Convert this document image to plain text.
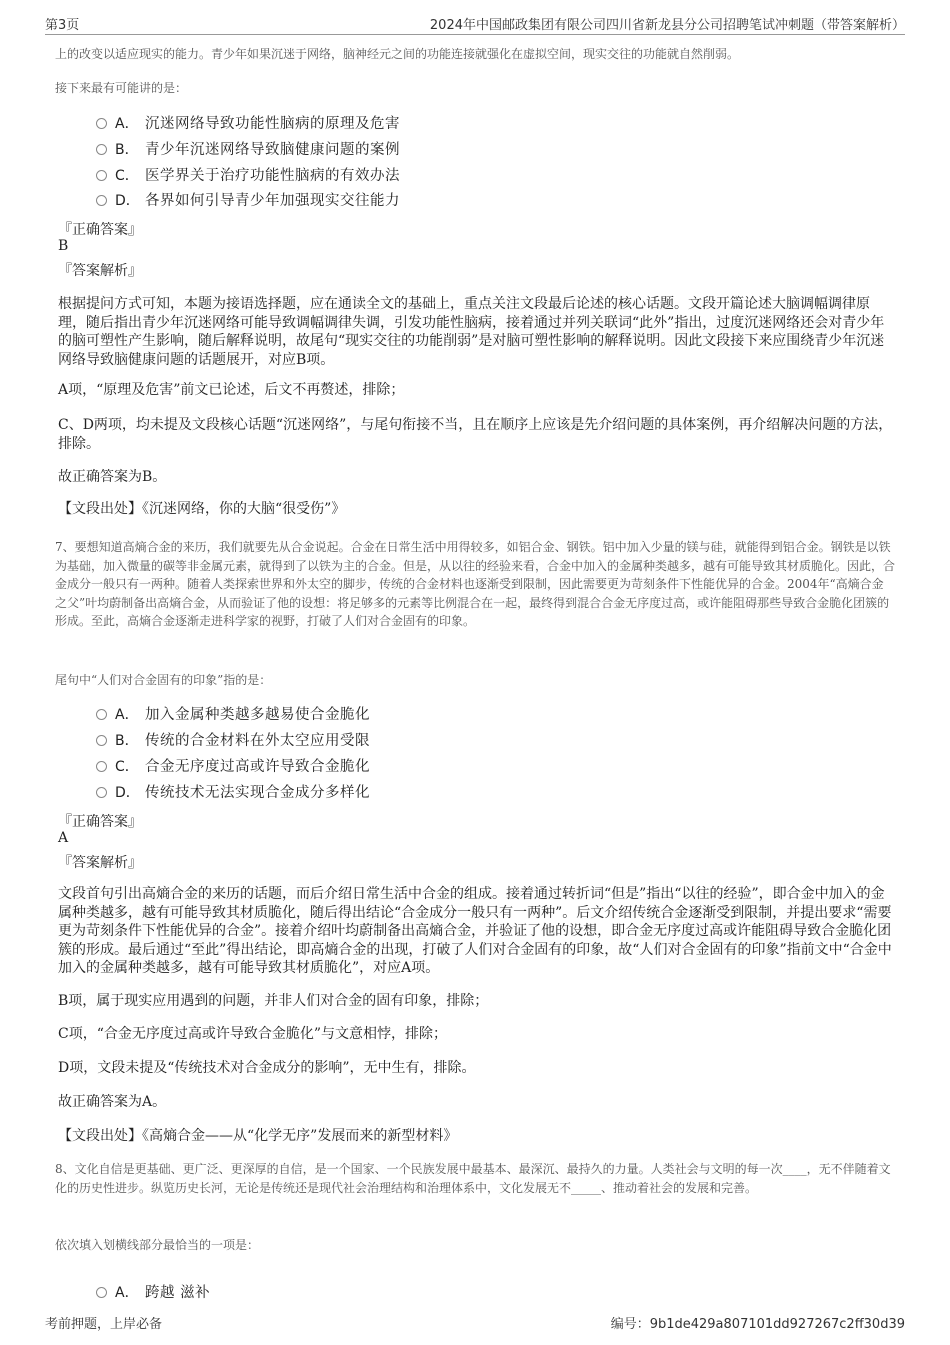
第3页	2024年中国邮政集团有限公司四川省新龙县分公司招聘笔试冲刺题（带答案解析）
上的改变以适应现实的能力。青少年如果沉迷于网络，脑神经元之间的功能连接就强化在虚拟空间，现实交往的功能就自然削弱。
接下来最有可能讲的是：
A． 沉迷网络导致功能性脑病的原理及危害
B． 青少年沉迷网络导致脑健康问题的案例
C． 医学界关于治疗功能性脑病的有效办法
D． 各界如何引导青少年加强现实交往能力
『正确答案』
B
『答案解析』
根据提问方式可知，本题为接语选择题，应在通读全文的基础上，重点关注文段最后论述的核心话题。文段开篇论述大脑调幅调律原理，随后指出青少年沉迷网络可能导致调幅调律失调，引发功能性脑病，接着通过并列关联词“此外”指出，过度沉迷网络还会对青少年的脑可塑性产生影响，随后解释说明，故尾句“现实交往的功能削弱”是对脑可塑性影响的解释说明。因此文段接下来应围绕青少年沉迷网络导致脑健康问题的话题展开，对应B项。
A项，“原理及危害”前文已论述，后文不再赘述，排除；
C、D两项，均未提及文段核心话题“沉迷网络”，与尾句衔接不当，且在顺序上应该是先介绍问题的具体案例，再介绍解决问题的方法，排除。
故正确答案为B。
【文段出处】《沉迷网络，你的大脑“很受伤”》
7、要想知道高熵合金的来历，我们就要先从合金说起。合金在日常生活中用得较多，如铝合金、钢铁。铝中加入少量的镁与硅，就能得到铝合金。钢铁是以铁为基础，加入微量的碳等非金属元素，就得到了以铁为主的合金。但是，从以往的经验来看，合金中加入的金属种类越多，越有可能导致其材质脆化。因此，合金成分一般只有一两种。随着人类探索世界和外太空的脚步，传统的合金材料也逐渐受到限制，因此需要更为苛刻条件下性能优异的合金。2004年“高熵合金之父”叶均蔚制备出高熵合金，从而验证了他的设想：将足够多的元素等比例混合在一起，最终得到混合合金无序度过高，或许能阻碍那些导致合金脆化团簇的形成。至此，高熵合金逐渐走进科学家的视野，打破了人们对合金固有的印象。
尾句中“人们对合金固有的印象”指的是：
A． 加入金属种类越多越易使合金脆化
B． 传统的合金材料在外太空应用受限
C． 合金无序度过高或许导致合金脆化
D． 传统技术无法实现合金成分多样化
『正确答案』
A
『答案解析』
文段首句引出高熵合金的来历的话题，而后介绍日常生活中合金的组成。接着通过转折词“但是”指出“以往的经验”，即合金中加入的金属种类越多，越有可能导致其材质脆化，随后得出结论“合金成分一般只有一两种”。后文介绍传统合金逐渐受到限制，并提出要求“需要更为苛刻条件下性能优异的合金”。接着介绍叶均蔚制备出高熵合金，并验证了他的设想，即合金无序度过高或许能阻碍导致合金脆化团簇的形成。最后通过“至此”得出结论，即高熵合金的出现，打破了人们对合金固有的印象，故“人们对合金固有的印象”指前文中“合金中加入的金属种类越多，越有可能导致其材质脆化”，对应A项。
B项，属于现实应用遇到的问题，并非人们对合金的固有印象，排除；
C项，“合金无序度过高或许导致合金脆化”与文意相悖，排除；
D项，文段未提及“传统技术对合金成分的影响”，无中生有，排除。
故正确答案为A。
【文段出处】《高熵合金——从“化学无序”发展而来的新型材料》
8、文化自信是更基础、更广泛、更深厚的自信，是一个国家、一个民族发展中最基本、最深沉、最持久的力量。人类社会与文明的每一次____，无不伴随着文化的历史性进步。纵览历史长河，无论是传统还是现代社会治理结构和治理体系中，文化发展无不_____、推动着社会的发展和完善。
依次填入划横线部分最恰当的一项是：
A． 跨越 滋补
考前押题，上岸必备	编号：9b1de429a807101dd927267c2ff30d39
